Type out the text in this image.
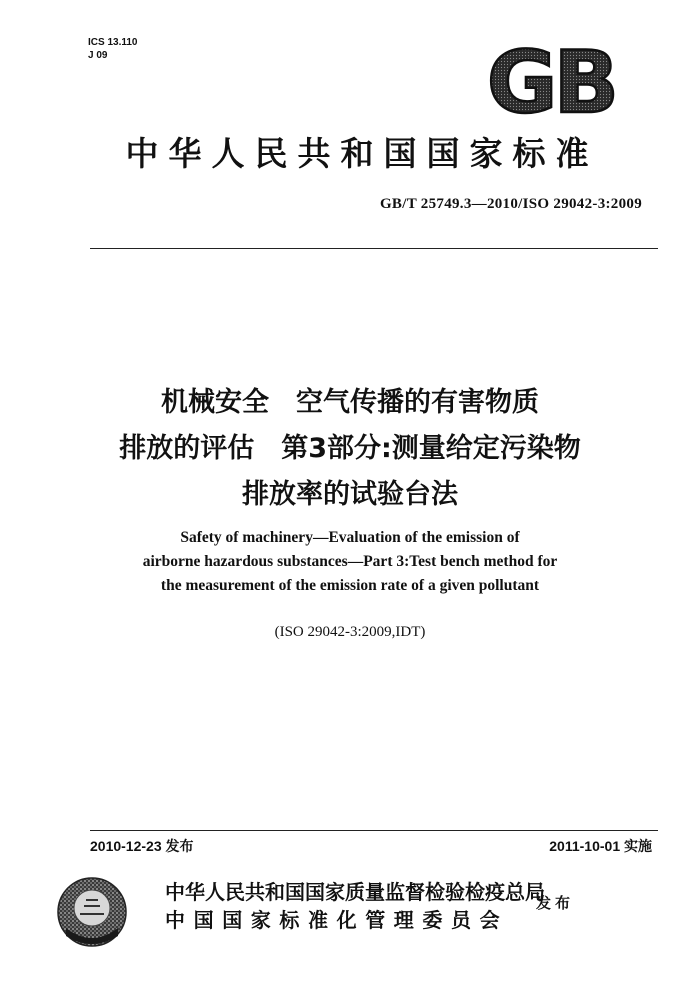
ICS 13.110
J 09	GB
中华人民共和国国家标准
GB/T 25749.3—2010/ISO 29042-3:2009
机械安全　空气传播的有害物质
排放的评估　第3部分:测量给定污染物
排放率的试验台法
Safety of machinery—Evaluation of the emission of
airborne hazardous substances—Part 3:Test bench method for
the measurement of the emission rate of a given pollutant
(ISO 29042-3:2009,IDT)
2010-12-23 发布	2011-10-01 实施
中华人民共和国国家质量监督检验检疫总局
中国国家标准化管理委员会
发布
